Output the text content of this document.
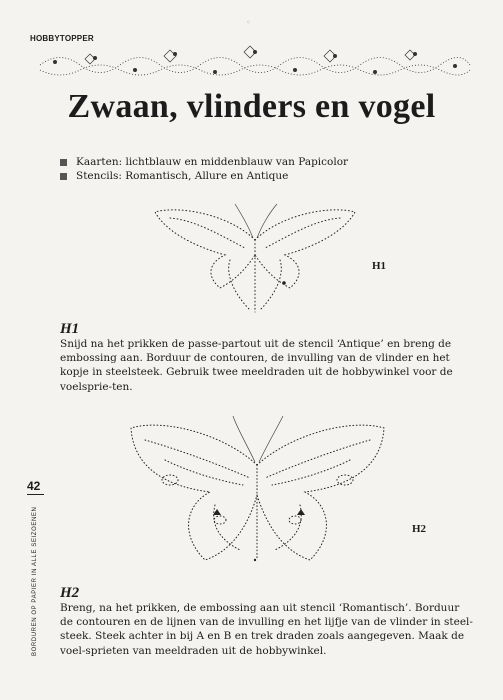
◦
HOBBYTOPPER
Zwaan, vlinders en vogel
Kaarten: lichtblauw en middenblauw van Papicolor
Stencils: Romantisch, Allure en Antique
H1
H1

Snijd na het prikken de passe-partout uit de stencil ‘Antique’ en breng de embossing aan. Borduur de contouren, de invulling van de vlinder en het kopje in steelsteek. Gebruik twee meeldraden uit de hobbywinkel voor de voelsprie-ten.

H2
H2

Breng, na het prikken, de embossing aan uit stencil ‘Romantisch’. Borduur de contouren en de lijnen van de invulling en het lijfje van de vlinder in steel-steek. Steek achter in bij A en B en trek draden zoals aangegeven. Maak de voel-sprieten van meeldraden uit de hobbywinkel.

42
BORDUREN OP PAPIER IN ALLE SEIZOENEN
